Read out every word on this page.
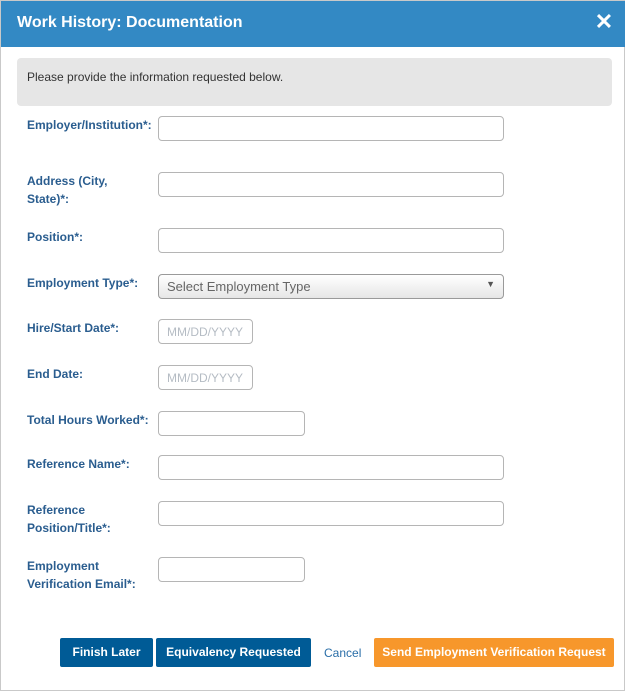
Work History: Documentation	✕
Please provide the information requested below.
Employer/Institution*:
Address (City, State)*:
Position*:
Employment Type*:	Select Employment Type	▼
Hire/Start Date*:	MM/DD/YYYY
End Date:	MM/DD/YYYY
Total Hours Worked*:
Reference Name*:
Reference Position/Title*:
Employment Verification Email*:
Finish Later	Equivalency Requested	Cancel	Send Employment Verification Request
